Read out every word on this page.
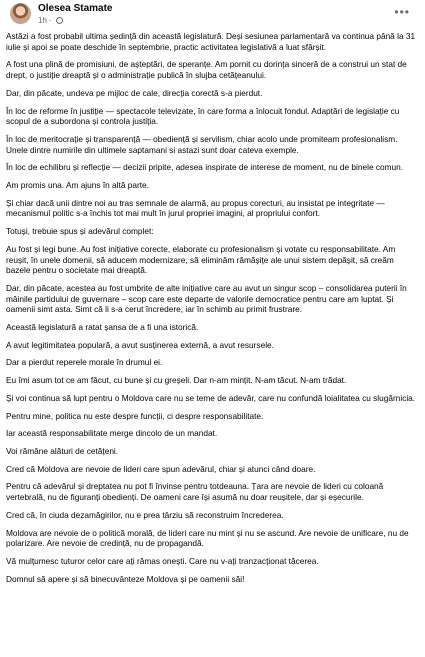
Olesea Stamate
1h ·
•••

Astăzi a fost probabil ultima ședință din această legislatură. Deși sesiunea parlamentară va continua până la 31 iulie și apoi se poate deschide în septembrie, practic activitatea legislativă a luat sfârșit.

A fost una plină de promisiuni, de așteptări, de speranțe. Am pornit cu dorința sinceră de a construi un stat de drept, o justiție dreaptă și o administrație publică în slujba cetățeanului.

Dar, din păcate, undeva pe mijloc de cale, direcția corectă s-a pierdut.

În loc de reforme în justiție — spectacole televizate, în care forma a înlocuit fondul. Adaptări de legislație cu scopul de a subordona și controla justiția.

În loc de meritocrație și transparență — obediență și servilism, chiar acolo unde promiteam profesionalism. Unele dintre numirile din ultimele saptamani si astazi sunt doar cateva exemple.

În loc de echilibru și reflecție — decizii pripite, adesea inspirate de interese de moment, nu de binele comun.

Am promis una. Am ajuns în altă parte.

Și chiar dacă unii dintre noi au tras semnale de alarmă, au propus corecturi, au insistat pe integritate — mecanismul politic s-a închis tot mai mult în jurul propriei imagini, al propriului confort.

Totuși, trebuie spus și adevărul complet:

Au fost și legi bune. Au fost inițiative corecte, elaborate cu profesionalism și votate cu responsabilitate. Am reușit, în unele domenii, să aducem modernizare, să eliminăm rămășițe ale unui sistem depășit, să creăm bazele pentru o societate mai dreaptă.

Dar, din păcate, acestea au fost umbrite de alte inițiative care au avut un singur scop – consolidarea puterii în mâinile partidului de guvernare – scop care este departe de valorile democratice pentru care am luptat. Și oamenii simt asta. Simt că li s-a cerut încredere, iar în schimb au primit frustrare.

Această legislatură a ratat șansa de a fi una istorică.

A avut legitimitatea populară, a avut susținerea externă, a avut resursele.

Dar a pierdut reperele morale în drumul ei.

Eu îmi asum tot ce am făcut, cu bune și cu greșeli. Dar n-am mințit. N-am tăcut. N-am trădat.

Și voi continua să lupt pentru o Moldova care nu se teme de adevăr, care nu confundă loialitatea cu slugărnicia.

Pentru mine, politica nu este despre funcții, ci despre responsabilitate.

Iar această responsabilitate merge dincolo de un mandat.

Voi rămâne alături de cetățeni.

Cred că Moldova are nevoie de lideri care spun adevărul, chiar și atunci când doare.

Pentru că adevărul și dreptatea nu pot fi învinse pentru totdeauna. Țara are nevoie de lideri cu coloană vertebrală, nu de figuranți obedienți. De oameni care își asumă nu doar reușitele, dar și eșecurile.

Cred că, în ciuda dezamăgirilor, nu e prea târziu să reconstruim încrederea.

Moldova are nevoie de o politică morală, de lideri care nu mint și nu se ascund. Are nevoie de unificare, nu de polarizare. Are nevoie de credință, nu de propagandă.

Vă mulțumesc tuturor celor care ați rămas onești. Care nu v-ați tranzacționat tăcerea.

Domnul să apere și să binecuvânteze Moldova și pe oamenii săi!
